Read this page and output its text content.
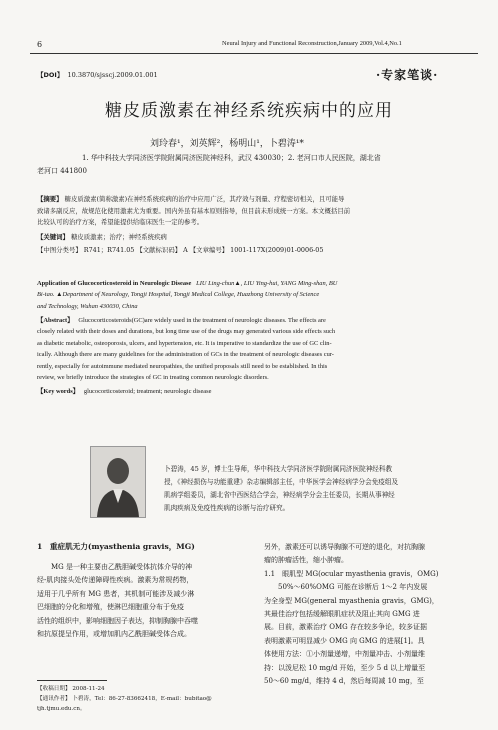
6	Neural Injury and Functional Reconstruction,January 2009,Vol.4,No.1
【DOI】 10.3870/sjsscj.2009.01.001	·专家笔谈·
糖皮质激素在神经系统疾病中的应用
刘玲春¹，刘英辉²，杨明山¹，卜碧涛¹*
1. 华中科技大学同济医学院附属同济医院神经科，武汉 430030；2. 老河口市人民医院，湖北省
老河口 441800
【摘要】 糖皮质激素(简称激素)在神经系统疾病的治疗中应用广泛，其疗效与剂量、疗程密切相关，且可能导
致诸多副反应，故规范化使用激素尤为重要。国内外虽有基本原则指导，但目前未形成统一方案。本文概括目前
比较认可的治疗方案，希望能提供给临床医生一定的参考。
【关键词】 糖皮质激素；治疗；神经系统疾病
【中图分类号】 R741；R741.05 【文献标识码】 A 【文章编号】 1001-117X(2009)01-0006-05
Application of Glucocorticosteroid in Neurologic Disease LIU Ling-chun▲, LIU Ying-hui, YANG Ming-shan, BU
Bi-tao. ▲Department of Neurology, Tongji Hospital, Tongji Medical College, Huazhong University of Science
and Technology, Wuhan 430030, China
【Abstract】 Glucocorticosteroids(GC)are widely used in the treatment of neurologic diseases. The effects are
closely related with their doses and durations, but long time use of the drugs may generated various side effects such
as diabetic metabolic, osteoporosis, ulcers, and hypertension, etc. It is imperative to standardize the use of GC clin-
ically. Although there are many guidelines for the administration of GCs in the treatment of neurologic diseases cur-
rently, especially for autoimmune mediated neuropathies, the unified proposals still need to be established. In this
review, we briefly introduce the strategies of GC in treating common neurologic disorders.
【Key words】 glucocorticosteroid; treatment; neurologic disease
卜碧涛，45 岁，博士生导师，华中科技大学同济医学院附属同济医院神经科教
授，《神经损伤与功能重建》杂志编辑部主任，中华医学会神经病学分会免疫组及
肌病学组委员，湖北省中西医结合学会，神经病学分会主任委员，长期从事神经
肌肉疾病及免疫性疾病的诊断与治疗研究。
1　重症肌无力(myasthenia gravis，MG)

MG 是一种主要由乙酰胆碱受体抗体介导的神

经-肌肉接头处传递障碍性疾病。激素为常规药物，

适用于几乎所有 MG 患者，其机制可能涉及减少淋

巴细胞的分化和增殖，使淋巴细胞重分布于免疫

活性的组织中，影响细胞因子表达，抑制胸腺中吞噬

和抗原提呈作用，或增加肌内乙酰胆碱受体合成。

另外，激素还可以诱导胸腺不可逆的退化，对抗胸腺

瘤的肿瘤活性，缩小肿瘤。

1.1　眼肌型 MG(ocular myasthenia gravis，OMG)

50%～60%OMG 可能在诊断后 1～2 年内发展

为全身型 MG(general myasthenia gravis，GMG)，

其最佳治疗包括缓解眼肌症状及阻止其向 GMG 进

展。目前，激素治疗 OMG 存在较多争论，较多证据

表明激素可明显减少 OMG 向 GMG 的进展[1]。具

体使用方法：①小剂量递增，中剂量冲击、小剂量维

持：以泼尼松 10 mg/d 开始，至少 5 d 以上增量至

50～60 mg/d，维持 4 d，然后每周减 10 mg，至

【收稿日期】 2008-11-24
【通讯作者】 卜碧涛，Tel：86-27-83662418，E-mail：bubitao@
tjh.tjmu.edu.cn。
